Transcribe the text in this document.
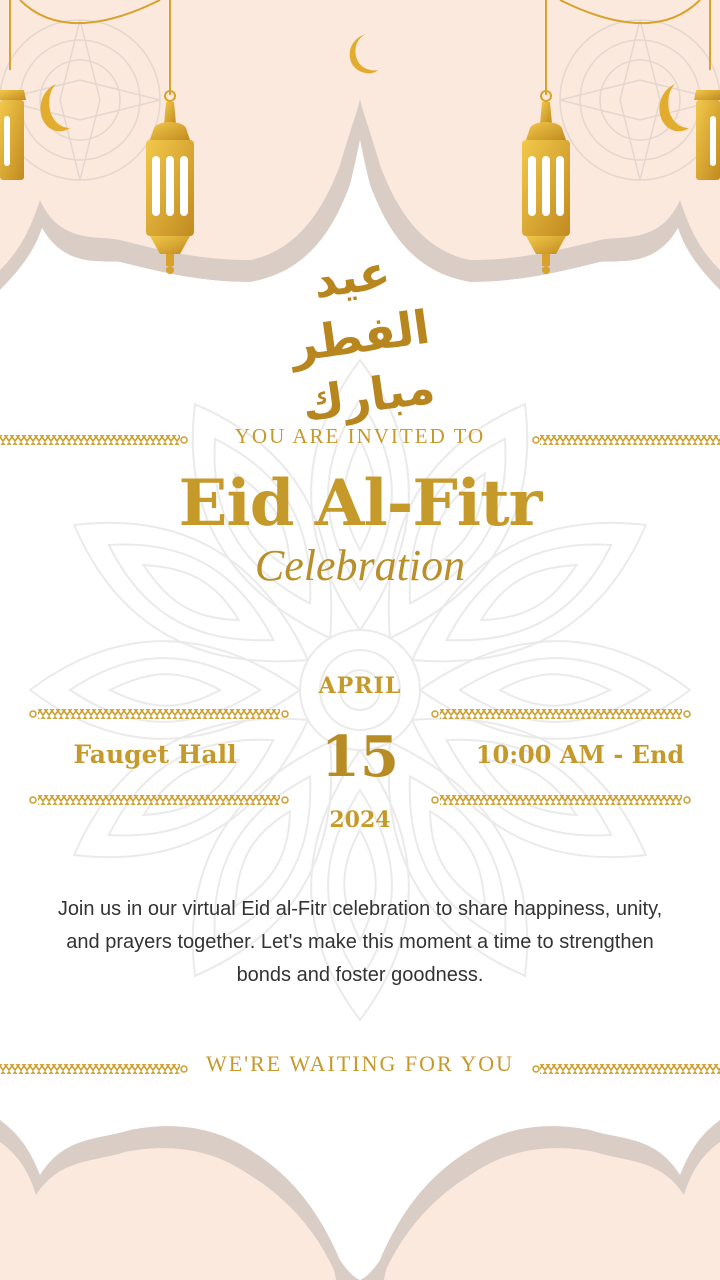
عيد الفطر مبارك
YOU ARE INVITED TO
Eid Al-Fitr
Celebration
APRIL
Fauget Hall	15	10:00 AM - End
2024
Join us in our virtual Eid al-Fitr celebration to share happiness, unity, and prayers together. Let's make this moment a time to strengthen bonds and foster goodness.
WE'RE WAITING FOR YOU
